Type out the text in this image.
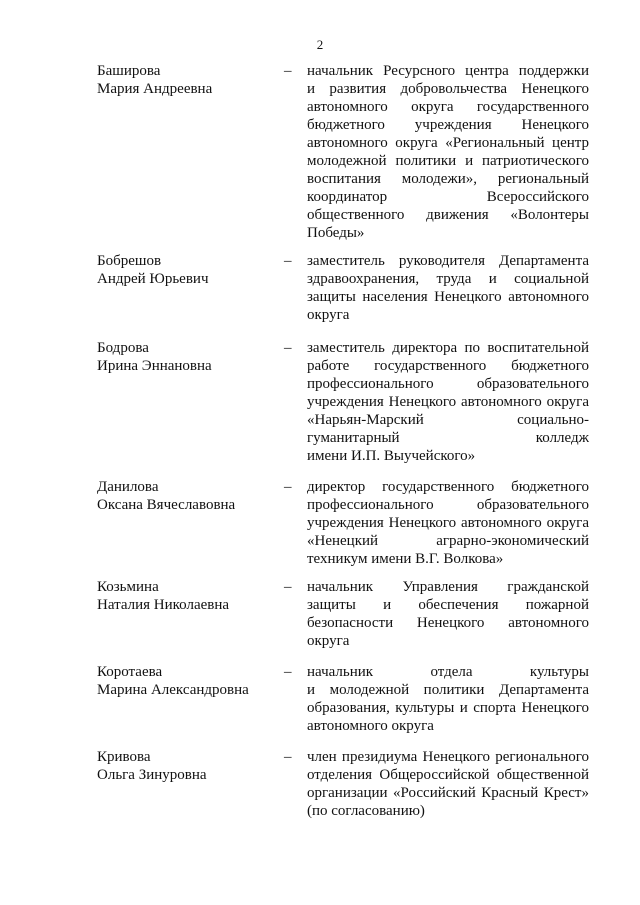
2
Баширова
Мария Андреевна
– начальник Ресурсного центра поддержки
и развития добровольчества Ненецкого
автономного округа государственного
бюджетного учреждения Ненецкого
автономного округа «Региональный центр
молодежной политики и патриотического
воспитания молодежи», региональный
координатор Всероссийского
общественного движения «Волонтеры
Победы»
Бобрешов
Андрей Юрьевич
– заместитель руководителя Департамента
здравоохранения, труда и социальной
защиты населения Ненецкого автономного
округа
Бодрова
Ирина Эннановна
– заместитель директора по воспитательной
работе государственного бюджетного
профессионального образовательного
учреждения Ненецкого автономного округа
«Нарьян-Марский социально-
гуманитарный колледж
имени И.П. Выучейского»
Данилова
Оксана Вячеславовна
– директор государственного бюджетного
профессионального образовательного
учреждения Ненецкого автономного округа
«Ненецкий аграрно-экономический
техникум имени В.Г. Волкова»
Козьмина
Наталия Николаевна
– начальник Управления гражданской
защиты и обеспечения пожарной
безопасности Ненецкого автономного
округа
Коротаева
Марина Александровна
– начальник отдела культуры
и молодежной политики Департамента
образования, культуры и спорта Ненецкого
автономного округа
Кривова
Ольга Зинуровна
– член президиума Ненецкого регионального
отделения Общероссийской общественной
организации «Российский Красный Крест»
(по согласованию)
